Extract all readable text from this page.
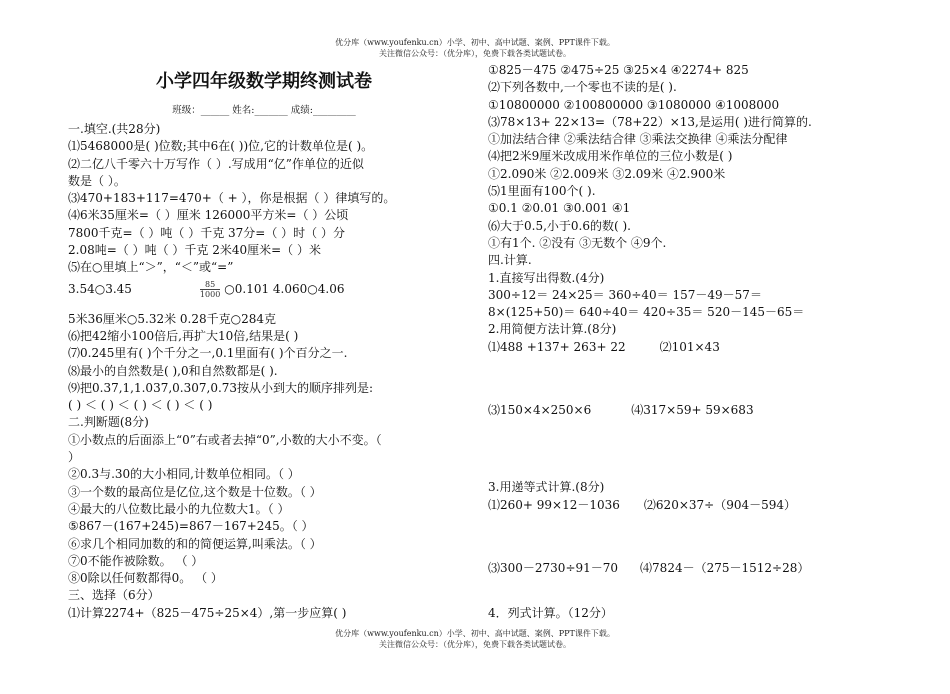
优分库（www.youfenku.cn）小学、初中、高中试题、案例、PPT课件下载。
关注微信公众号：（优分库），免费下载各类试题试卷。
小学四年级数学期终测试卷
班级：______ 姓名:_______ 成绩:_________
一.填空.(共28分)
⑴5468000是( )位数;其中6在( ))位,它的计数单位是( )。
⑵二亿八千零六十万写作（ ）.写成用“亿”作单位的近似
数是（ ）。
⑶470+183+117=470+（ + ），你是根据（ ）律填写的。
⑷6米35厘米=（ ）厘米 126000平方米=（ ）公顷
7800千克=（ ）吨（ ）千克 37分=（ ）时（ ）分
2.08吨=（ ）吨（ ）千克 2米40厘米=（ ）米
⑸在○里填上“＞”，“＜”或“=”
3.54○3.45	$\frac{85}{1000}$ ○0.101 4.060○4.06
5米36厘米○5.32米 0.28千克○284克
⑹把42缩小100倍后,再扩大10倍,结果是( )
⑺0.245里有( )个千分之一,0.1里面有( )个百分之一.
⑻最小的自然数是( ),0和自然数都是( ).
⑼把0.37,1,1.037,0.307,0.73按从小到大的顺序排列是:
( ) ＜ ( ) ＜ ( ) ＜ ( ) ＜ ( )
二.判断题(8分)
①小数点的后面添上“0”右或者去掉“0”,小数的大小不变。（
）
②0.3与.30的大小相同,计数单位相同。（ ）
③一个数的最高位是亿位,这个数是十位数。（ ）
④最大的八位数比最小的九位数大1。（ ）
⑤867－(167+245)=867－167+245。（ ）
⑥求几个相同加数的和的简便运算,叫乘法。（ ）
⑦0不能作被除数。 （ ）
⑧0除以任何数都得0。 （ ）
三、选择（6分）
⑴计算2274+（825－475÷25×4）,第一步应算( )
①825－475 ②475÷25 ③25×4 ④2274+ 825
⑵下列各数中,一个零也不读的是( ).
①10800000 ②100800000 ③1080000 ④1008000
⑶78×13+ 22×13=（78+22）×13,是运用( )进行简算的.
①加法结合律 ②乘法结合律 ③乘法交换律 ④乘法分配律
⑷把2米9厘米改成用米作单位的三位小数是( )
①2.090米 ②2.009米 ③2.09米 ④2.900米
⑸1里面有100个( ).
①0.1 ②0.01 ③0.001 ④1
⑹大于0.5,小于0.6的数( ).
①有1个. ②没有 ③无数个 ④9个.
四.计算.
1.直接写出得数.(4分)
300÷12＝ 24×25＝ 360÷40＝ 157－49－57＝
8×(125+50)＝ 640÷40＝ 420÷35＝ 520－145－65＝
2.用简便方法计算.(8分)
⑴488 +137+ 263+ 22	⑵101×43
⑶150×4×250×6	⑷317×59+ 59×683
3.用递等式计算.(8分)
⑴260+ 99×12－1036 ⑵620×37÷（904－594）
⑶300－2730÷91－70 ⑷7824－（275－1512÷28）
4．列式计算。（12分）
优分库（www.youfenku.cn）小学、初中、高中试题、案例、PPT课件下载。
关注微信公众号：（优分库），免费下载各类试题试卷。
